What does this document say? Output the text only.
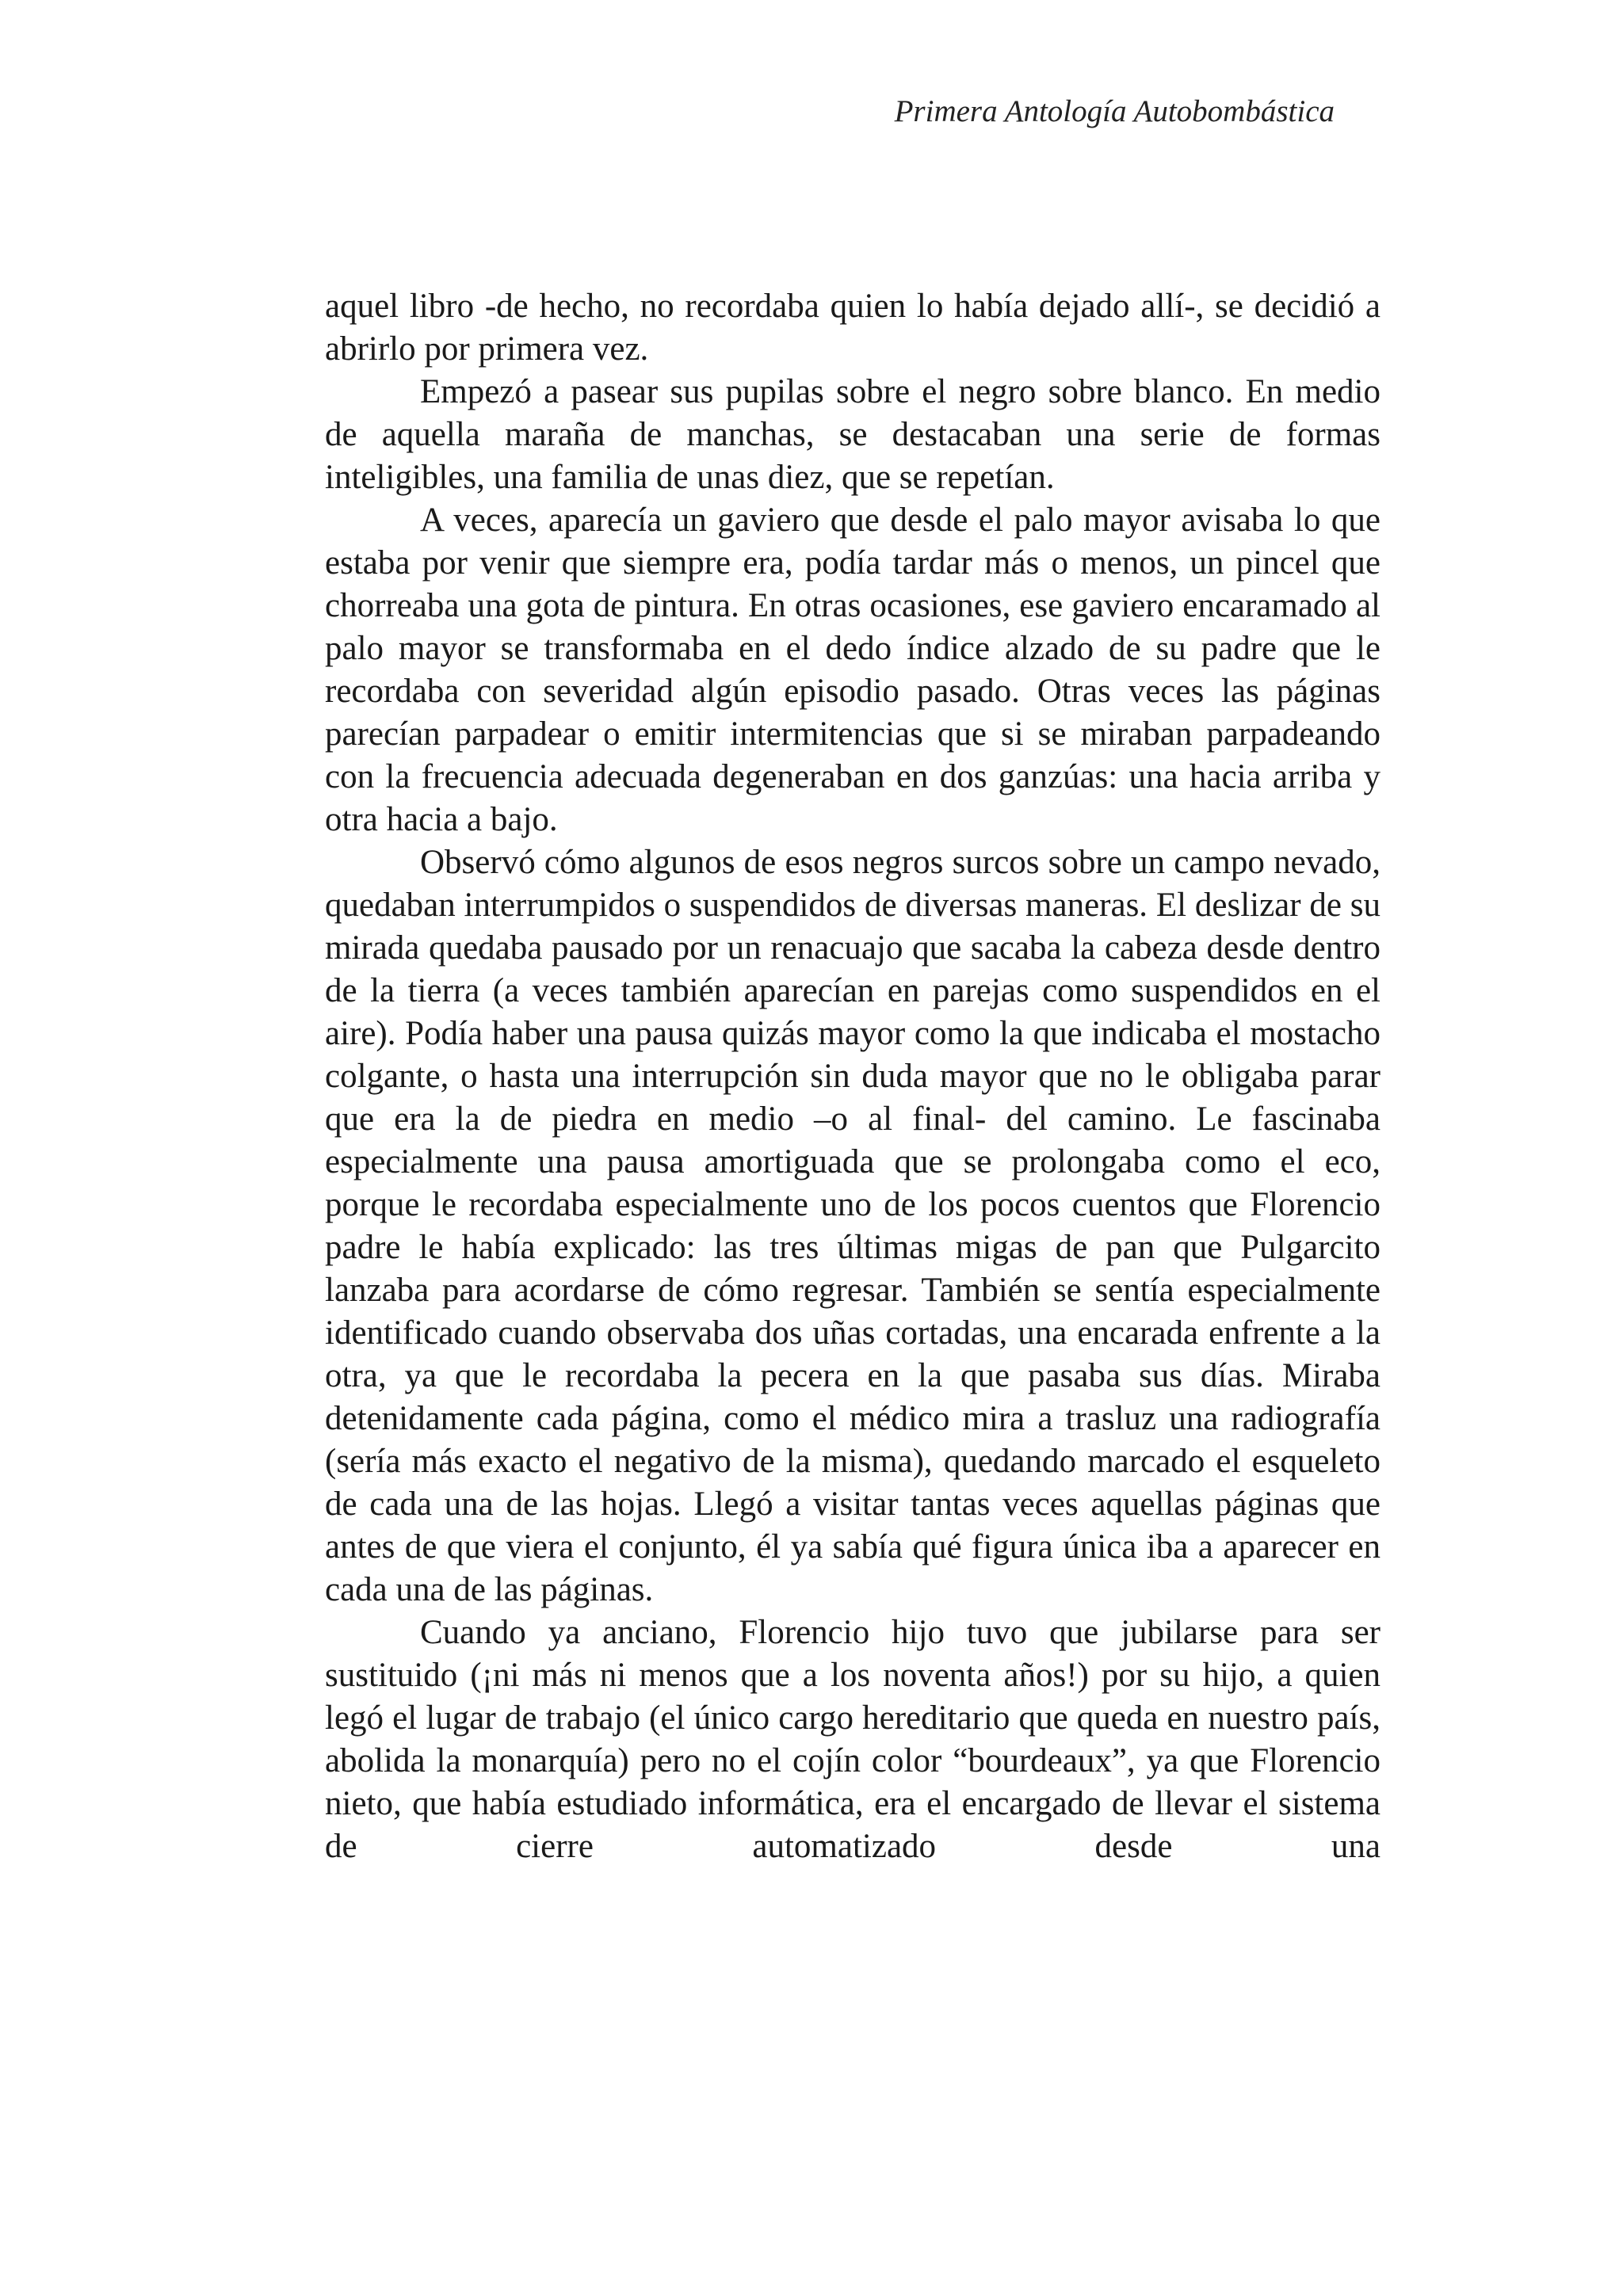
Primera Antología Autobombástica

aquel libro -de hecho, no recordaba quien lo había dejado allí-, se decidió a abrirlo por primera vez.

Empezó a pasear sus pupilas sobre el negro sobre blanco. En medio de aquella maraña de manchas, se destacaban una serie de formas inteligibles, una familia de unas diez, que se repetían.

A veces, aparecía un gaviero que desde el palo mayor avisaba lo que estaba por venir que siempre era, podía tardar más o menos, un pincel que chorreaba una gota de pintura. En otras ocasiones, ese gaviero encaramado al palo mayor se transformaba en el dedo índice alzado de su padre que le recordaba con severidad algún episodio pasado. Otras veces las páginas parecían parpadear o emitir intermitencias que si se miraban parpadeando con la frecuencia adecuada degeneraban en dos ganzúas: una hacia arriba y otra hacia a bajo.

Observó cómo algunos de esos negros surcos sobre un campo nevado, quedaban interrumpidos o suspendidos de diversas maneras. El deslizar de su mirada quedaba pausado por un renacuajo que sacaba la cabeza desde dentro de la tierra (a veces también aparecían en parejas como suspendidos en el aire). Podía haber una pausa quizás mayor como la que indicaba el mostacho colgante, o hasta una interrupción sin duda mayor que no le obligaba parar que era la de piedra en medio –o al final- del camino. Le fascinaba especialmente una pausa amortiguada que se prolongaba como el eco, porque le recordaba especialmente uno de los pocos cuentos que Florencio padre le había explicado: las tres últimas migas de pan que Pulgarcito lanzaba para acordarse de cómo regresar. También se sentía especialmente identificado cuando observaba dos uñas cortadas, una encarada enfrente a la otra, ya que le recordaba la pecera en la que pasaba sus días. Miraba detenidamente cada página, como el médico mira a trasluz una radiografía (sería más exacto el negativo de la misma), quedando marcado el esqueleto de cada una de las hojas. Llegó a visitar tantas veces aquellas páginas que antes de que viera el conjunto, él ya sabía qué figura única iba a aparecer en cada una de las páginas.

Cuando ya anciano, Florencio hijo tuvo que jubilarse para ser sustituido (¡ni más ni menos que a los noventa años!) por su hijo, a quien legó el lugar de trabajo (el único cargo hereditario que queda en nuestro país, abolida la monarquía) pero no el cojín color “bourdeaux”, ya que Florencio nieto, que había estudiado informática, era el encargado de llevar el sistema de cierre automatizado desde una
